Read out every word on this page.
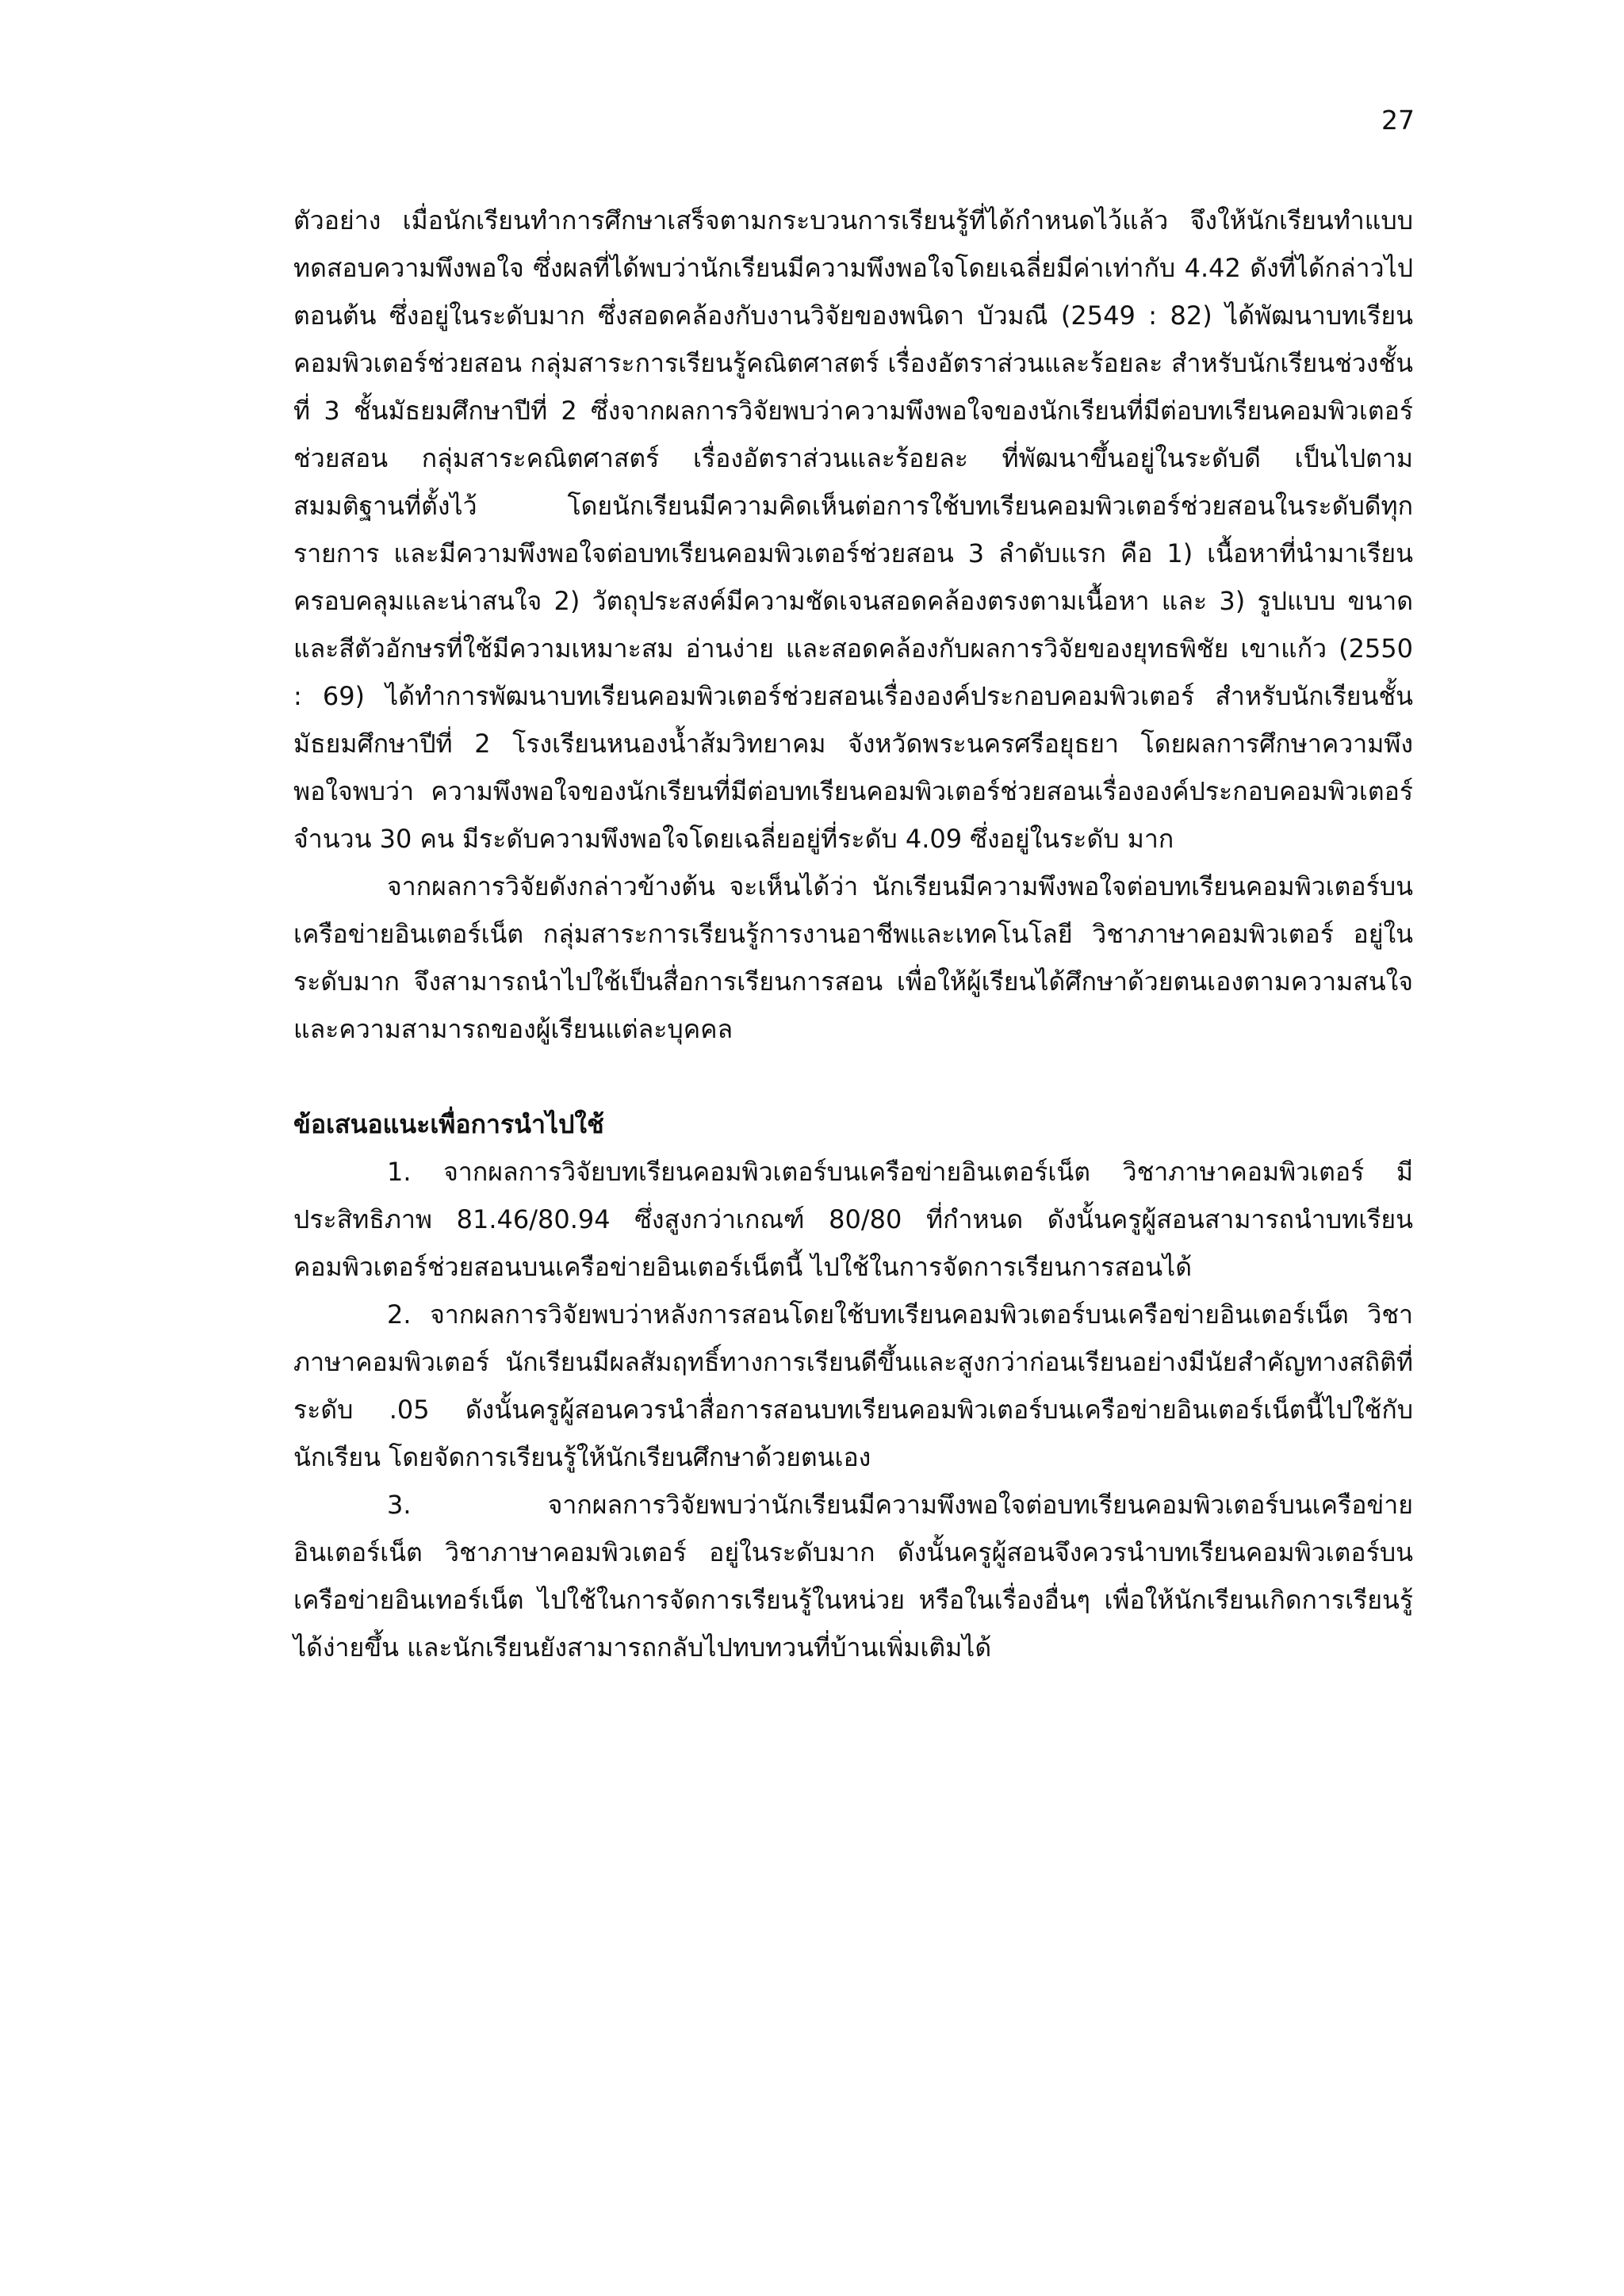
27

ตัวอย่าง เมื่อนักเรียนทำการศึกษาเสร็จตามกระบวนการเรียนรู้ที่ได้กำหนดไว้แล้ว จึงให้นักเรียนทำแบบทดสอบความพึงพอใจ ซึ่งผลที่ได้พบว่านักเรียนมีความพึงพอใจโดยเฉลี่ยมีค่าเท่ากับ 4.42 ดังที่ได้กล่าวไปตอนต้น ซึ่งอยู่ในระดับมาก ซึ่งสอดคล้องกับงานวิจัยของพนิดา บัวมณี (2549 : 82) ได้พัฒนาบทเรียนคอมพิวเตอร์ช่วยสอน กลุ่มสาระการเรียนรู้คณิตศาสตร์ เรื่องอัตราส่วนและร้อยละ สำหรับนักเรียนช่วงชั้นที่ 3 ชั้นมัธยมศึกษาปีที่ 2 ซึ่งจากผลการวิจัยพบว่าความพึงพอใจของนักเรียนที่มีต่อบทเรียนคอมพิวเตอร์ช่วยสอน กลุ่มสาระคณิตศาสตร์ เรื่องอัตราส่วนและร้อยละ ที่พัฒนาขึ้นอยู่ในระดับดี เป็นไปตามสมมติฐานที่ตั้งไว้ โดยนักเรียนมีความคิดเห็นต่อการใช้บทเรียนคอมพิวเตอร์ช่วยสอนในระดับดีทุกรายการ และมีความพึงพอใจต่อบทเรียนคอมพิวเตอร์ช่วยสอน 3 ลำดับแรก คือ 1) เนื้อหาที่นำมาเรียนครอบคลุมและน่าสนใจ 2) วัตถุประสงค์มีความชัดเจนสอดคล้องตรงตามเนื้อหา และ 3) รูปแบบ ขนาด และสีตัวอักษรที่ใช้มีความเหมาะสม อ่านง่าย และสอดคล้องกับผลการวิจัยของยุทธพิชัย เขาแก้ว (2550 : 69) ได้ทำการพัฒนาบทเรียนคอมพิวเตอร์ช่วยสอนเรื่ององค์ประกอบคอมพิวเตอร์ สำหรับนักเรียนชั้นมัธยมศึกษาปีที่ 2 โรงเรียนหนองน้ำส้มวิทยาคม จังหวัดพระนครศรีอยุธยา โดยผลการศึกษาความพึงพอใจพบว่า ความพึงพอใจของนักเรียนที่มีต่อบทเรียนคอมพิวเตอร์ช่วยสอนเรื่ององค์ประกอบคอมพิวเตอร์ จำนวน 30 คน มีระดับความพึงพอใจโดยเฉลี่ยอยู่ที่ระดับ 4.09 ซึ่งอยู่ในระดับ มาก

จากผลการวิจัยดังกล่าวข้างต้น จะเห็นได้ว่า นักเรียนมีความพึงพอใจต่อบทเรียนคอมพิวเตอร์บนเครือข่ายอินเตอร์เน็ต กลุ่มสาระการเรียนรู้การงานอาชีพและเทคโนโลยี วิชาภาษาคอมพิวเตอร์ อยู่ในระดับมาก จึงสามารถนำไปใช้เป็นสื่อการเรียนการสอน เพื่อให้ผู้เรียนได้ศึกษาด้วยตนเองตามความสนใจและความสามารถของผู้เรียนแต่ละบุคคล

ข้อเสนอแนะเพื่อการนำไปใช้

1. จากผลการวิจัยบทเรียนคอมพิวเตอร์บนเครือข่ายอินเตอร์เน็ต วิชาภาษาคอมพิวเตอร์ มีประสิทธิภาพ 81.46/80.94 ซึ่งสูงกว่าเกณฑ์ 80/80 ที่กำหนด ดังนั้นครูผู้สอนสามารถนำบทเรียนคอมพิวเตอร์ช่วยสอนบนเครือข่ายอินเตอร์เน็ตนี้ ไปใช้ในการจัดการเรียนการสอนได้

2. จากผลการวิจัยพบว่าหลังการสอนโดยใช้บทเรียนคอมพิวเตอร์บนเครือข่ายอินเตอร์เน็ต วิชาภาษาคอมพิวเตอร์ นักเรียนมีผลสัมฤทธิ์ทางการเรียนดีขึ้นและสูงกว่าก่อนเรียนอย่างมีนัยสำคัญทางสถิติที่ระดับ .05 ดังนั้นครูผู้สอนควรนำสื่อการสอนบทเรียนคอมพิวเตอร์บนเครือข่ายอินเตอร์เน็ตนี้ไปใช้กับนักเรียน โดยจัดการเรียนรู้ให้นักเรียนศึกษาด้วยตนเอง

3. จากผลการวิจัยพบว่านักเรียนมีความพึงพอใจต่อบทเรียนคอมพิวเตอร์บนเครือข่ายอินเตอร์เน็ต วิชาภาษาคอมพิวเตอร์ อยู่ในระดับมาก ดังนั้นครูผู้สอนจึงควรนำบทเรียนคอมพิวเตอร์บนเครือข่ายอินเทอร์เน็ต ไปใช้ในการจัดการเรียนรู้ในหน่วย หรือในเรื่องอื่นๆ เพื่อให้นักเรียนเกิดการเรียนรู้ได้ง่ายขึ้น และนักเรียนยังสามารถกลับไปทบทวนที่บ้านเพิ่มเติมได้
